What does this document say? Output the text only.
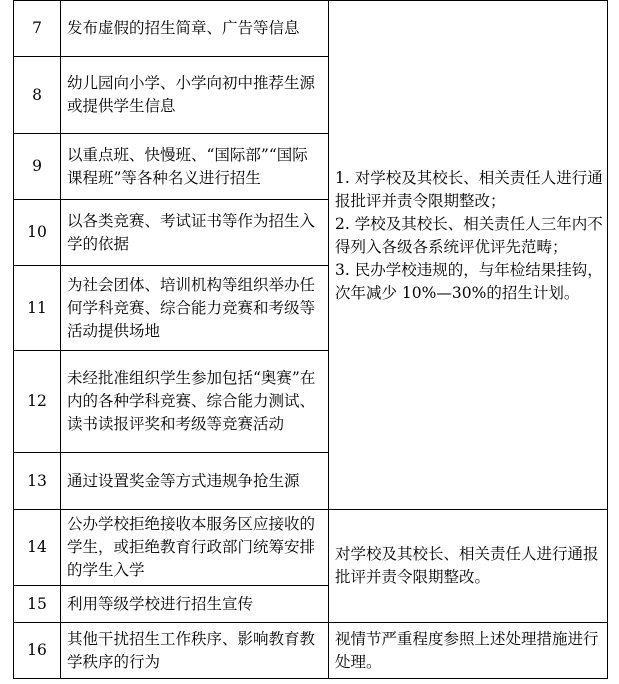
7	发布虚假的招生简章、广告等信息	1. 对学校及其校长、相关责任人进行通报批评并责令限期整改；
2. 学校及其校长、相关责任人三年内不得列入各级各系统评优评先范畴；
3. 民办学校违规的，与年检结果挂钩，次年减少 10%—30%的招生计划。

8	幼儿园向小学、小学向初中推荐生源或提供学生信息	
9	以重点班、快慢班、“国际部”“国际课程班”等各种名义进行招生	
10	以各类竞赛、考试证书等作为招生入学的依据	
11	为社会团体、培训机构等组织举办任何学科竞赛、综合能力竞赛和考级等活动提供场地	
12	未经批准组织学生参加包括“奥赛”在内的各种学科竞赛、综合能力测试、读书读报评奖和考级等竞赛活动	
13	通过设置奖金等方式违规争抢生源	
14	公办学校拒绝接收本服务区应接收的学生，或拒绝教育行政部门统筹安排的学生入学	对学校及其校长、相关责任人进行通报批评并责令限期整改。
15	利用等级学校进行招生宣传	
16	其他干扰招生工作秩序、影响教育教学秩序的行为	视情节严重程度参照上述处理措施进行处理。
